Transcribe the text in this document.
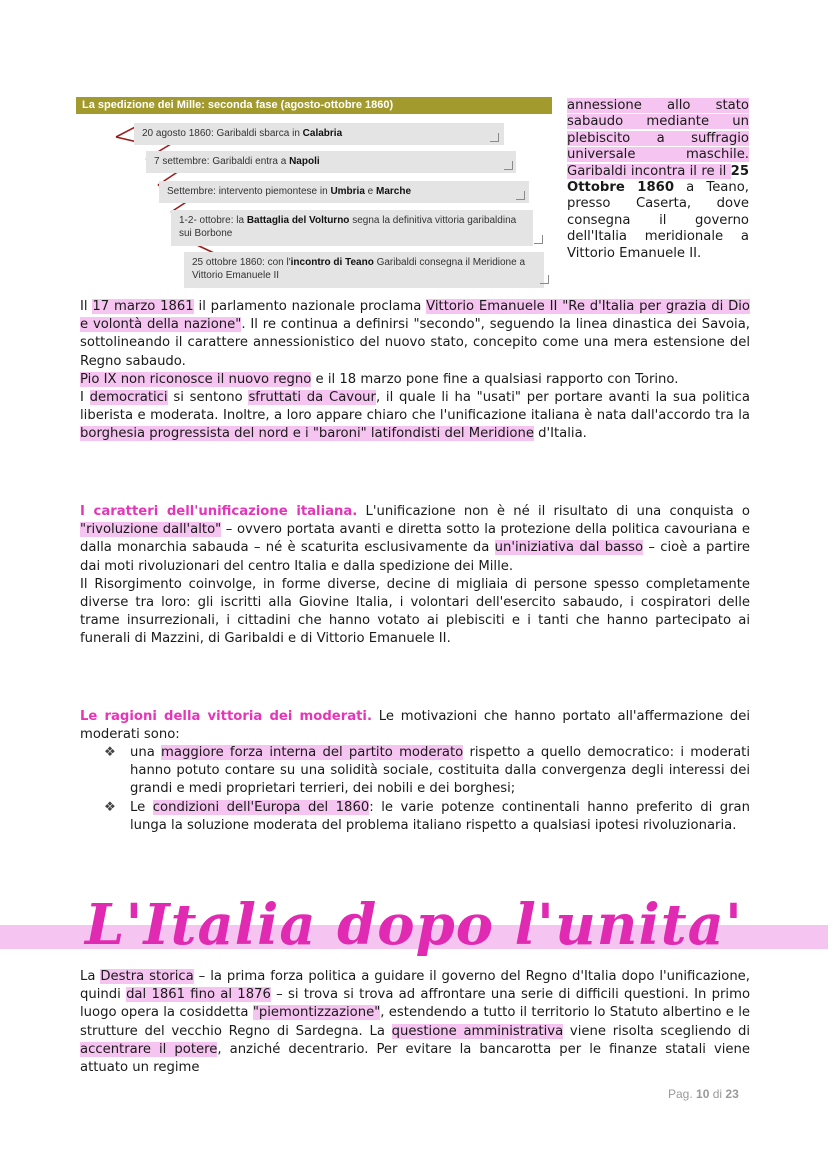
La spedizione dei Mille: seconda fase (agosto-ottobre 1860)
20 agosto 1860: Garibaldi sbarca in Calabria
7 settembre: Garibaldi entra a Napoli
Settembre: intervento piemontese in Umbria e Marche
1-2- ottobre: la Battaglia del Volturno segna la definitiva vittoria garibaldina sui Borbone
25 ottobre 1860: con l'incontro di Teano Garibaldi consegna il Meridione a Vittorio Emanuele II
annessione allo stato sabaudo mediante un plebiscito a suffragio universale maschile. Garibaldi incontra il re il 25 Ottobre 1860 a Teano, presso Caserta, dove consegna il governo dell'Italia meridionale a Vittorio Emanuele II.
Il 17 marzo 1861 il parlamento nazionale proclama Vittorio Emanuele II "Re d'Italia per grazia di Dio e volontà della nazione". Il re continua a definirsi "secondo", seguendo la linea dinastica dei Savoia, sottolineando il carattere annessionistico del nuovo stato, concepito come una mera estensione del Regno sabaudo.
Pio IX non riconosce il nuovo regno e il 18 marzo pone fine a qualsiasi rapporto con Torino.
I democratici si sentono sfruttati da Cavour, il quale li ha "usati" per portare avanti la sua politica liberista e moderata. Inoltre, a loro appare chiaro che l'unificazione italiana è nata dall'accordo tra la borghesia progressista del nord e i "baroni" latifondisti del Meridione d'Italia.
I caratteri dell'unificazione italiana. L'unificazione non è né il risultato di una conquista o "rivoluzione dall'alto" – ovvero portata avanti e diretta sotto la protezione della politica cavouriana e dalla monarchia sabauda – né è scaturita esclusivamente da un'iniziativa dal basso – cioè a partire dai moti rivoluzionari del centro Italia e dalla spedizione dei Mille.
Il Risorgimento coinvolge, in forme diverse, decine di migliaia di persone spesso completamente diverse tra loro: gli iscritti alla Giovine Italia, i volontari dell'esercito sabaudo, i cospiratori delle trame insurrezionali, i cittadini che hanno votato ai plebisciti e i tanti che hanno partecipato ai funerali di Mazzini, di Garibaldi e di Vittorio Emanuele II.
Le ragioni della vittoria dei moderati. Le motivazioni che hanno portato all'affermazione dei moderati sono:
❖ una maggiore forza interna del partito moderato rispetto a quello democratico: i moderati hanno potuto contare su una solidità sociale, costituita dalla convergenza degli interessi dei grandi e medi proprietari terrieri, dei nobili e dei borghesi;
❖ Le condizioni dell'Europa del 1860: le varie potenze continentali hanno preferito di gran lunga la soluzione moderata del problema italiano rispetto a qualsiasi ipotesi rivoluzionaria.
L'Italia dopo l'unita'
La Destra storica – la prima forza politica a guidare il governo del Regno d'Italia dopo l'unificazione, quindi dal 1861 fino al 1876 – si trova si trova ad affrontare una serie di difficili questioni. In primo luogo opera la cosiddetta "piemontizzazione", estendendo a tutto il territorio lo Statuto albertino e le strutture del vecchio Regno di Sardegna. La questione amministrativa viene risolta scegliendo di accentrare il potere, anziché decentrario. Per evitare la bancarotta per le finanze statali viene attuato un regime
Pag. 10 di 23
